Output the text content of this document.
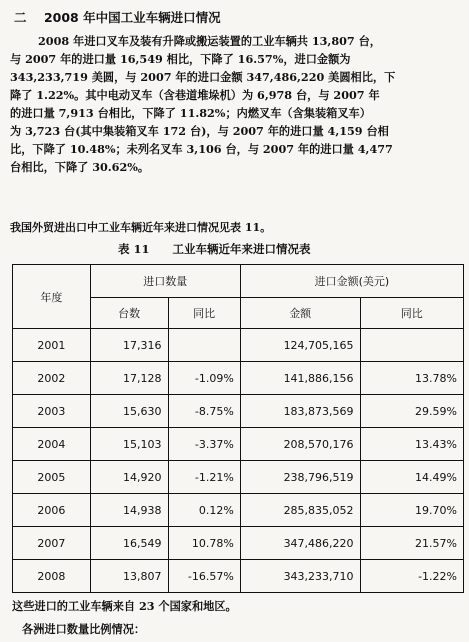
二 2008 年中国工业车辆进口情况
2008 年进口叉车及装有升降或搬运装置的工业车辆共 13,807 台，
与 2007 年的进口量 16,549 相比，下降了 16.57%，进口金额为
343,233,719 美圆，与 2007 年的进口金额 347,486,220 美圆相比，下
降了 1.22%。其中电动叉车（含巷道堆垛机）为 6,978 台，与 2007 年
的进口量 7,913 台相比，下降了 11.82%；内燃叉车（含集装箱叉车）
为 3,723 台(其中集装箱叉车 172 台)，与 2007 年的进口量 4,159 台相
比，下降了 10.48%；未列名叉车 3,106 台，与 2007 年的进口量 4,477
台相比，下降了 30.62%。
我国外贸进出口中工业车辆近年来进口情况见表 11。
表 11　　工业车辆近年来进口情况表
年度	进口数量		进口金额(美元)	
	台数	同比	金额	同比
2001	17,316		124,705,165	
2002	17,128	-1.09%	141,886,156	13.78%
2003	15,630	-8.75%	183,873,569	29.59%
2004	15,103	-3.37%	208,570,176	13.43%
2005	14,920	-1.21%	238,796,519	14.49%
2006	14,938	0.12%	285,835,052	19.70%
2007	16,549	10.78%	347,486,220	21.57%
2008	13,807	-16.57%	343,233,710	-1.22%
这些进口的工业车辆来自 23 个国家和地区。
各洲进口数量比例情况：
